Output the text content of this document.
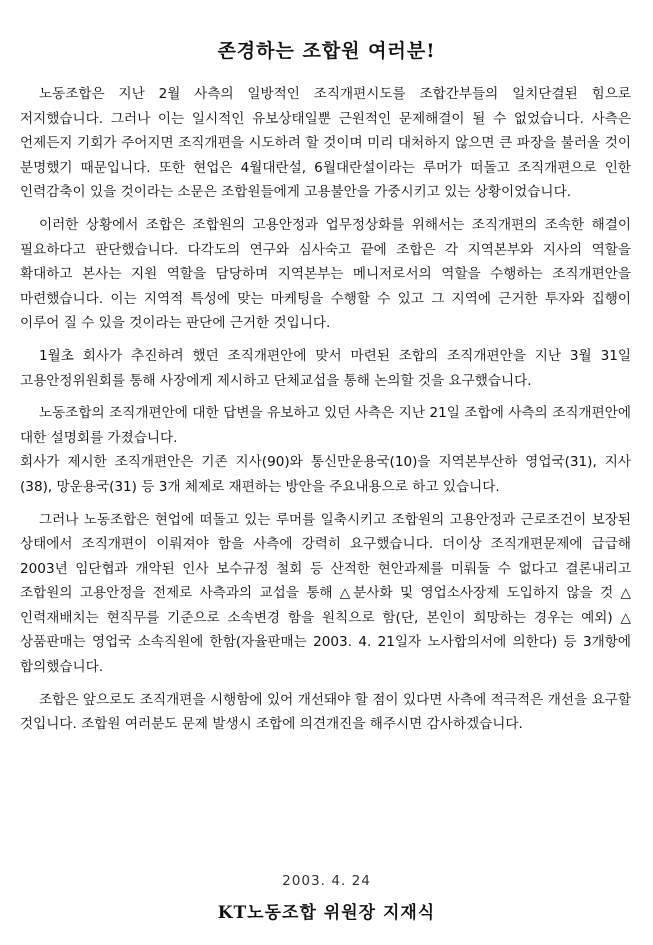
존경하는 조합원 여러분!

노동조합은 지난 2월 사측의 일방적인 조직개편시도를 조합간부들의 일치단결된 힘으로 저지했습니다. 그러나 이는 일시적인 유보상태일뿐 근원적인 문제해결이 될 수 없었습니다. 사측은 언제든지 기회가 주어지면 조직개편을 시도하려 할 것이며 미리 대처하지 않으면 큰 파장을 불러올 것이 분명했기 때문입니다. 또한 현업은 4월대란설, 6월대란설이라는 루머가 떠돌고 조직개편으로 인한 인력감축이 있을 것이라는 소문은 조합원들에게 고용불안을 가중시키고 있는 상황이었습니다.

이러한 상황에서 조합은 조합원의 고용안정과 업무정상화를 위해서는 조직개편의 조속한 해결이 필요하다고 판단했습니다. 다각도의 연구와 심사숙고 끝에 조합은 각 지역본부와 지사의 역할을 확대하고 본사는 지원 역할을 담당하며 지역본부는 메니저로서의 역할을 수행하는 조직개편안을 마련했습니다. 이는 지역적 특성에 맞는 마케팅을 수행할 수 있고 그 지역에 근거한 투자와 집행이 이루어 질 수 있을 것이라는 판단에 근거한 것입니다.

1월초 회사가 추진하려 했던 조직개편안에 맞서 마련된 조합의 조직개편안을 지난 3월 31일 고용안정위원회를 통해 사장에게 제시하고 단체교섭을 통해 논의할 것을 요구했습니다.

노동조합의 조직개편안에 대한 답변을 유보하고 있던 사측은 지난 21일 조합에 사측의 조직개편안에 대한 설명회를 가졌습니다.
회사가 제시한 조직개편안은 기존 지사(90)와 통신만운용국(10)을 지역본부산하 영업국(31), 지사(38), 망운용국(31) 등 3개 체제로 재편하는 방안을 주요내용으로 하고 있습니다.

그러나 노동조합은 현업에 떠돌고 있는 루머를 일축시키고 조합원의 고용안정과 근로조건이 보장된 상태에서 조직개편이 이뤄져야 함을 사측에 강력히 요구했습니다. 더이상 조직개편문제에 급급해 2003년 임단협과 개악된 인사 보수규정 철회 등 산적한 현안과제를 미뤄둘 수 없다고 결론내리고 조합원의 고용안정을 전제로 사측과의 교섭을 통해 △분사화 및 영업소사장제 도입하지 않을 것 △인력재배치는 현직무를 기준으로 소속변경 함을 원칙으로 함(단, 본인이 희망하는 경우는 예외) △상품판매는 영업국 소속직원에 한함(자율판매는 2003. 4. 21일자 노사합의서에 의한다) 등 3개항에 합의했습니다.

조합은 앞으로도 조직개편을 시행함에 있어 개선돼야 할 점이 있다면 사측에 적극적은 개선을 요구할 것입니다. 조합원 여러분도 문제 발생시 조합에 의견개진을 해주시면 감사하겠습니다.

2003. 4. 24
KT노동조합 위원장 지재식
